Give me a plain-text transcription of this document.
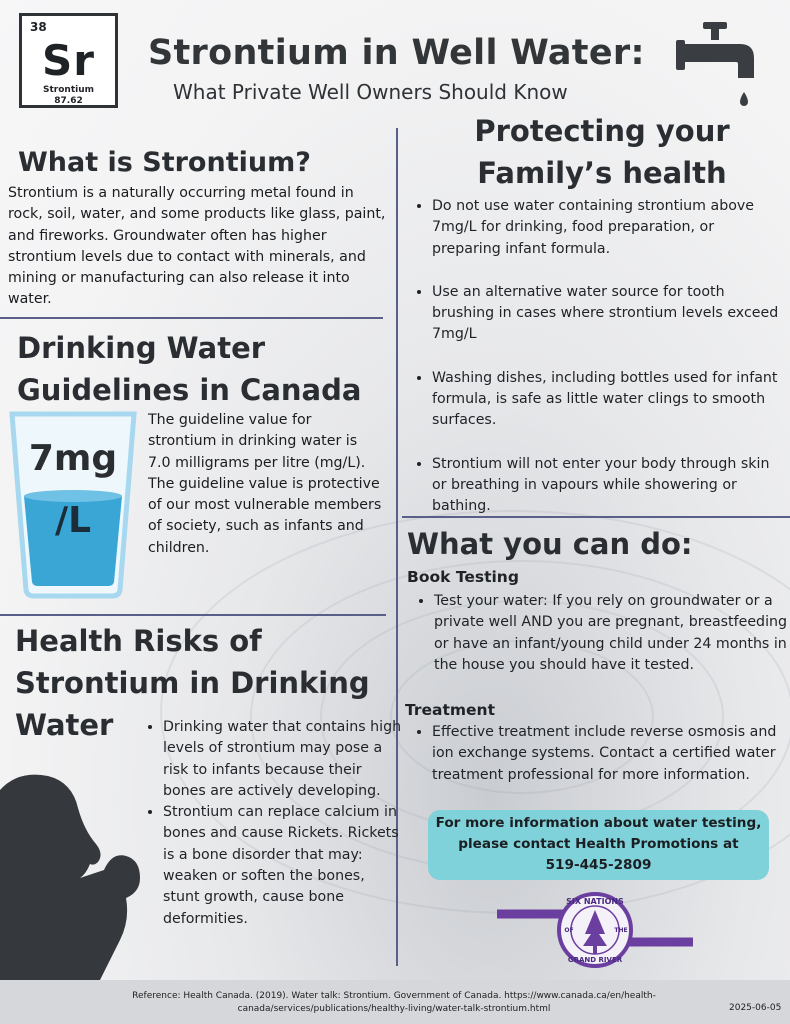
38
Sr
Strontium
87.62
Strontium in Well Water:
What Private Well Owners Should Know
What is Strontium?
Strontium is a naturally occurring metal found in rock, soil, water, and some products like glass, paint, and fireworks. Groundwater often has higher strontium levels due to contact with minerals, and mining or manufacturing can also release it into water.
Drinking Water
Guidelines in Canada
7mg
/L
The guideline value for strontium in drinking water is 7.0 milligrams per litre (mg/L). The guideline value is protective of our most vulnerable members of society, such as infants and children.
Health Risks of
Strontium in Drinking
Water
•	Drinking water that contains high levels of strontium may pose a risk to infants because their bones are actively developing.
• Strontium can replace calcium in bones and cause Rickets. Rickets is a bone disorder that may: weaken or soften the bones, stunt growth, cause bone deformities.
Protecting your
Family’s health
• Do not use water containing strontium above 7mg/L for drinking, food preparation, or preparing infant formula.
• Use an alternative water source for tooth brushing in cases where strontium levels exceed 7mg/L
• Washing dishes, including bottles used for infant formula, is safe as little water clings to smooth surfaces.
• Strontium will not enter your body through skin or breathing in vapours while showering or bathing.
What you can do:
Book Testing
• Test your water: If you rely on groundwater or a private well AND you are pregnant, breastfeeding or have an infant/young child under 24 months in the house you should have it tested.
Treatment
• Effective treatment include reverse osmosis and ion exchange systems. Contact a certified water treatment professional for more information.
For more information about water testing,
please contact Health Promotions at
519-445-2809
SIX NATIONS
OF	THE
GRAND RIVER
Reference: Health Canada. (2019). Water talk: Strontium. Government of Canada. https://www.canada.ca/en/health-canada/services/publications/healthy-living/water-talk-strontium.html	2025-06-05
